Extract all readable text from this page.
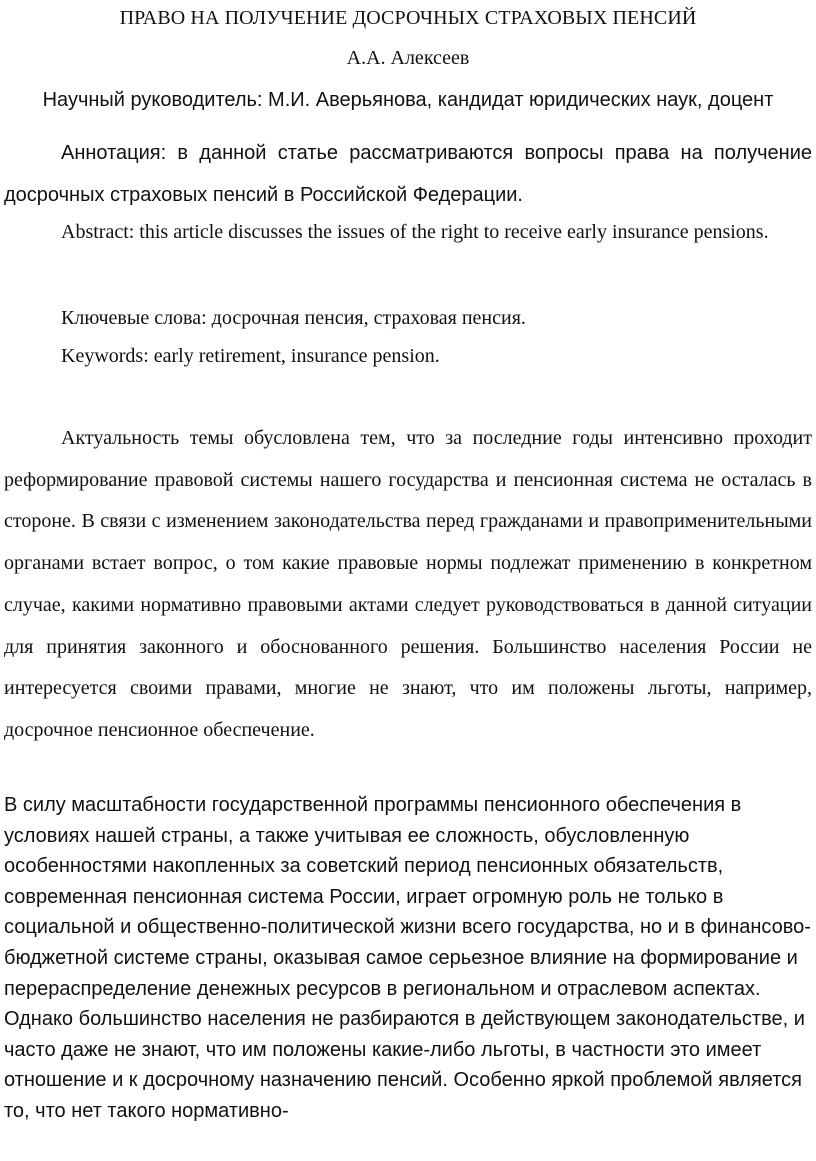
ПРАВО НА ПОЛУЧЕНИЕ ДОСРОЧНЫХ СТРАХОВЫХ ПЕНСИЙ
А.А. Алексеев
Научный руководитель: М.И. Аверьянова, кандидат юридических наук, доцент

Аннотация: в данной статье рассматриваются вопросы права на получение досрочных страховых пенсий в Российской Федерации.

Abstract: this article discusses the issues of the right to receive early insurance pensions.

Ключевые слова: досрочная пенсия, страховая пенсия.

Keywords: early retirement, insurance pension.

Актуальность темы обусловлена тем, что за последние годы интенсивно проходит реформирование правовой системы нашего государства и пенсионная система не осталась в стороне. В связи с изменением законодательства перед гражданами и правоприменительными органами встает вопрос, о том какие правовые нормы подлежат применению в конкретном случае, какими нормативно правовыми актами следует руководствоваться в данной ситуации для принятия законного и обоснованного решения. Большинство населения России не интересуется своими правами, многие не знают, что им положены льготы, например, досрочное пенсионное обеспечение.

В силу масштабности государственной программы пенсионного обеспечения в условиях нашей страны, а также учитывая ее сложность, обусловленную особенностями накопленных за советский период пенсионных обязательств, современная пенсионная система России, играет огромную роль не только в социальной и общественно-политической жизни всего государства, но и в финансово-бюджетной системе страны, оказывая самое серьезное влияние на формирование и перераспределение денежных ресурсов в региональном и отраслевом аспектах. Однако большинство населения не разбираются в действующем законодательстве, и часто даже не знают, что им положены какие-либо льготы, в частности это имеет отношение и к досрочному назначению пенсий. Особенно яркой проблемой является то, что нет такого нормативно-
